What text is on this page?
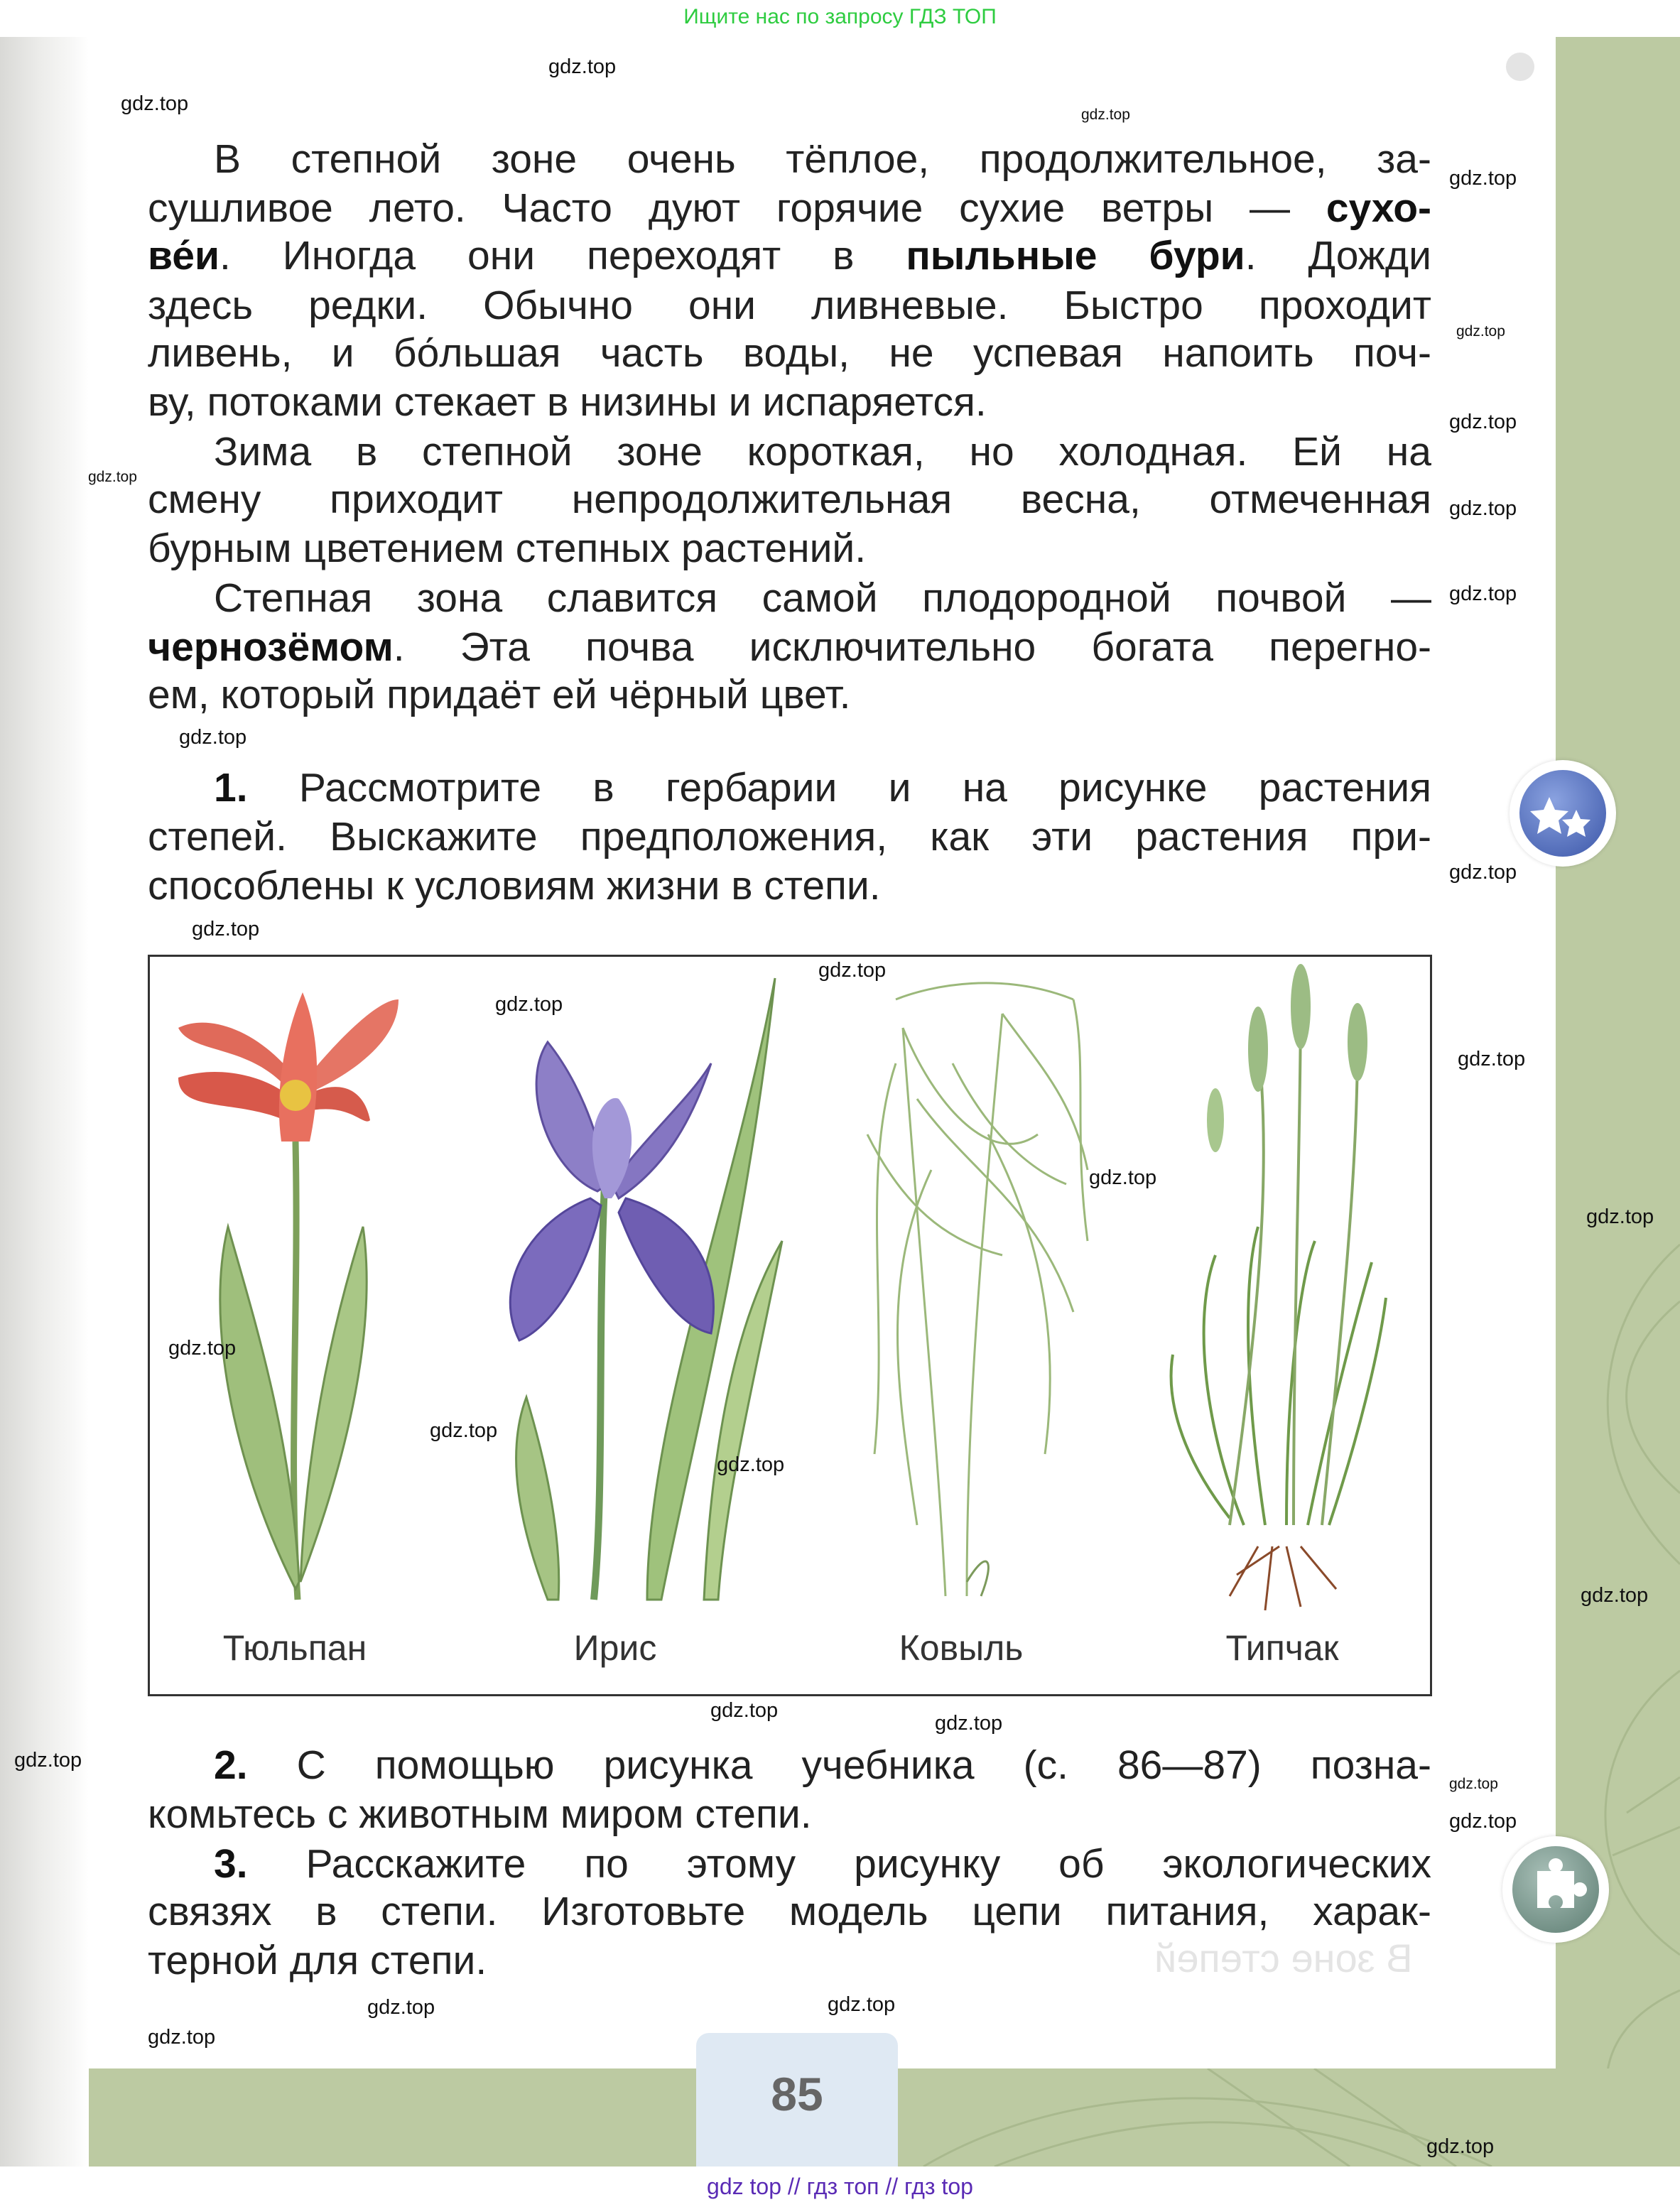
Ищите нас по запросу ГДЗ ТОП
В степной зоне очень тёплое, продолжительное, за-
сушливое лето. Часто дуют горячие сухие ветры — сухо-
ве́и. Иногда они переходят в пыльные бури. Дожди
здесь редки. Обычно они ливневые. Быстро проходит
ливень, и бо́льшая часть воды, не успевая напоить поч-
ву, потоками стекает в низины и испаряется.
Зима в степной зоне короткая, но холодная. Ей на
смену приходит непродолжительная весна, отмеченная
бурным цветением степных растений.
Степная зона славится самой плодородной почвой —
чернозёмом. Эта почва исключительно богата перегно-
ем, который придаёт ей чёрный цвет.
1. Рассмотрите в гербарии и на рисунке растения
степей. Выскажите предположения, как эти растения при-
способлены к условиям жизни в степи.
2. С помощью рисунка учебника (с. 86—87) позна-
комьтесь с животным миром степи.
3. Расскажите по этому рисунку об экологических
связях в степи. Изготовьте модель цепи питания, харак-
терной для степи.
Тюльпан	Ирис	Ковыль	Типчак
В зоне степей
85
gdz top // гдз топ // гдз top
gdz.top
gdz.top	gdz.top
gdz.top
gdz.top
gdz.top
gdz.top
gdz.top
gdz.top
gdz.top
gdz.top
gdz.top
gdz.top
gdz.top
gdz.top
gdz.top
gdz.top
gdz.top
gdz.top
gdz.top
gdz.top
gdz.top
gdz.top
gdz.top
gdz.top
gdz.top
gdz.top
gdz.top
gdz.top
gdz.top
